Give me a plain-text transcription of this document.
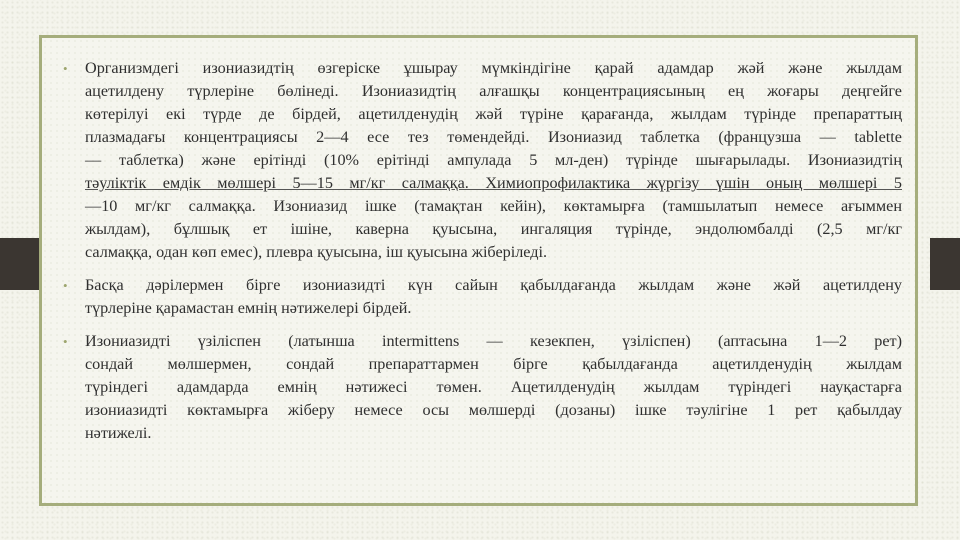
•	Организмдегі изониазидтің өзгеріске ұшырау мүмкіндігіне қарай адамдар жәй және жылдам
ацетилдену түрлеріне бөлінеді. Изониазидтің алғашқы концентрациясының ең жоғары деңгейге
көтерілуі екі түрде де бірдей, ацетилденудің жәй түріне қарағанда, жылдам түрінде препараттың
плазмадағы концентрациясы 2—4 есе тез төмендейді. Изониазид таблетка (французша — tablette
— таблетка) және ерітінді (10% ерітінді ампулада 5 мл-ден) түрінде шығарылады. Изониазидтің
тәуліктік емдік мөлшері 5—15 мг/кг салмаққа. Химиопрофилактика жүргізу үшін оның мөлшері 5
—10 мг/кг салмаққа. Изониазид ішке (тамақтан кейін), көктамырға (тамшылатып немесе ағыммен
жылдам), бұлшық ет ішіне, каверна қуысына, ингаляция түрінде, эндолюмбалді (2,5 мг/кг
салмаққа, одан көп емес), плевра қуысына, іш қуысына жіберіледі.
•	Басқа дәрілермен бірге изониазидті күн сайын қабылдағанда жылдам және жәй ацетилдену
түрлеріне қарамастан емнің нәтижелері бірдей.
•	Изониазидті үзіліспен (латынша intermittens — кезекпен, үзіліспен) (аптасына 1—2 рет)
сондай мөлшермен, сондай препараттармен бірге қабылдағанда ацетилденудің жылдам
түріндегі адамдарда емнің нәтижесі төмен. Ацетилденудің жылдам түріндегі науқастарға
изониазидті көктамырға жіберу немесе осы мөлшерді (дозаны) ішке тәулігіне 1 рет қабылдау
нәтижелі.
